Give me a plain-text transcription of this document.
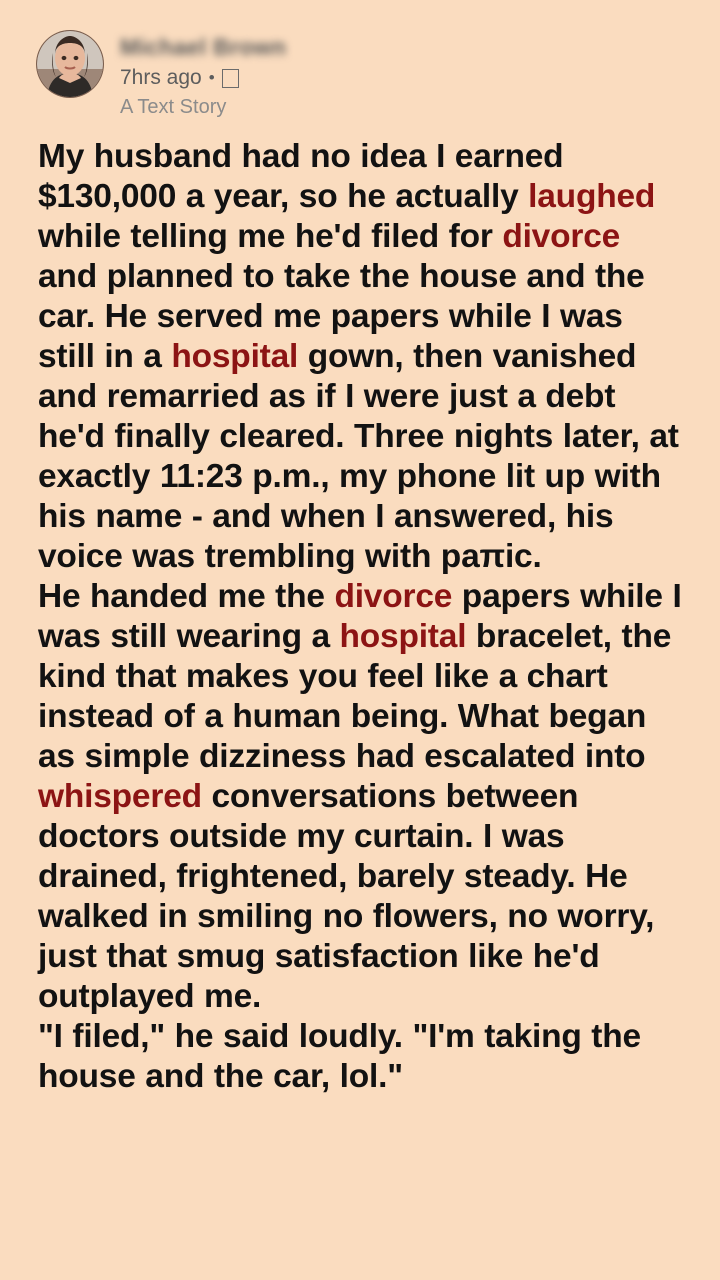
Michael Brown
7hrs ago •
A Text Story
My husband had no idea I earned $130,000 a year, so he actually laughed while telling me he'd filed for divorce and planned to take the house and the car. He served me papers while I was still in a hospital gown, then vanished and remarried as if I were just a debt he'd finally cleared. Three nights later, at exactly 11:23 p.m., my phone lit up with his name - and when I answered, his voice was trembling with paπic.
He handed me the divorce papers while I was still wearing a hospital bracelet, the kind that makes you feel like a chart instead of a human being. What began as simple dizziness had escalated into whispered conversations between doctors outside my curtain. I was drained, frightened, barely steady. He walked in smiling no flowers, no worry, just that smug satisfaction like he'd outplayed me.
"I filed," he said loudly. "I'm taking the house and the car, lol."
